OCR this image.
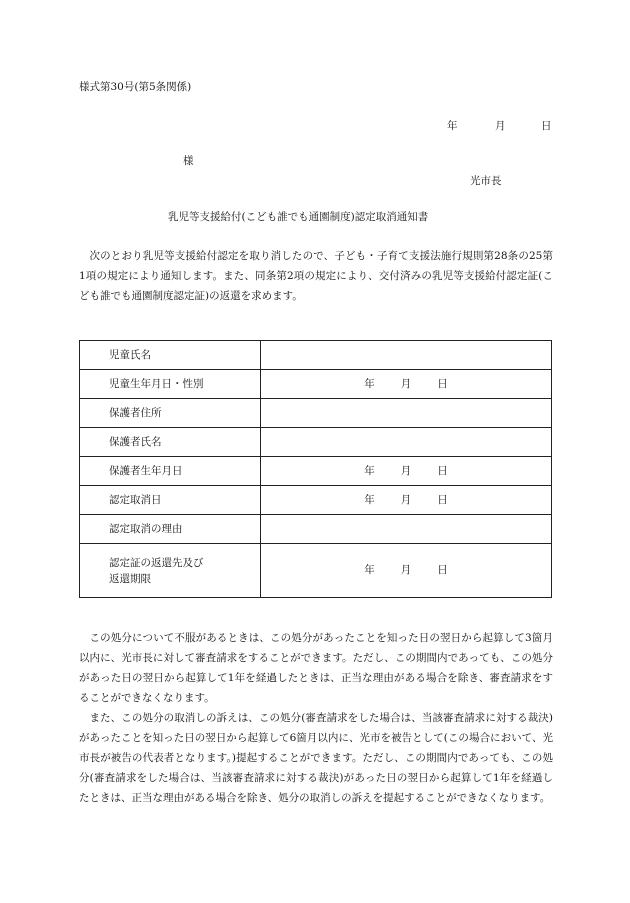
様式第30号(第5条関係)
年	月	日
様
光市長
乳児等支援給付(こども誰でも通園制度)認定取消通知書
次のとおり乳児等支援給付認定を取り消したので、子ども・子育て支援法施行規則第28条の25第1項の規定により通知します。また、同条第2項の規定により、交付済みの乳児等支援給付認定証(こども誰でも通園制度認定証)の返還を求めます。
児童氏名	
児童生年月日・性別	年 月 日
保護者住所	
保護者氏名	
保護者生年月日	年 月 日
認定取消日	年 月 日
認定取消の理由	

認定証の返還先及び
返還期限	年 月 日
この処分について不服があるときは、この処分があったことを知った日の翌日から起算して3箇月以内に、光市長に対して審査請求をすることができます。ただし、この期間内であっても、この処分があった日の翌日から起算して1年を経過したときは、正当な理由がある場合を除き、審査請求をすることができなくなります。
また、この処分の取消しの訴えは、この処分(審査請求をした場合は、当該審査請求に対する裁決)があったことを知った日の翌日から起算して6箇月以内に、光市を被告として(この場合において、光市長が被告の代表者となります。)提起することができます。ただし、この期間内であっても、この処分(審査請求をした場合は、当該審査請求に対する裁決)があった日の翌日から起算して1年を経過したときは、正当な理由がある場合を除き、処分の取消しの訴えを提起することができなくなります。
